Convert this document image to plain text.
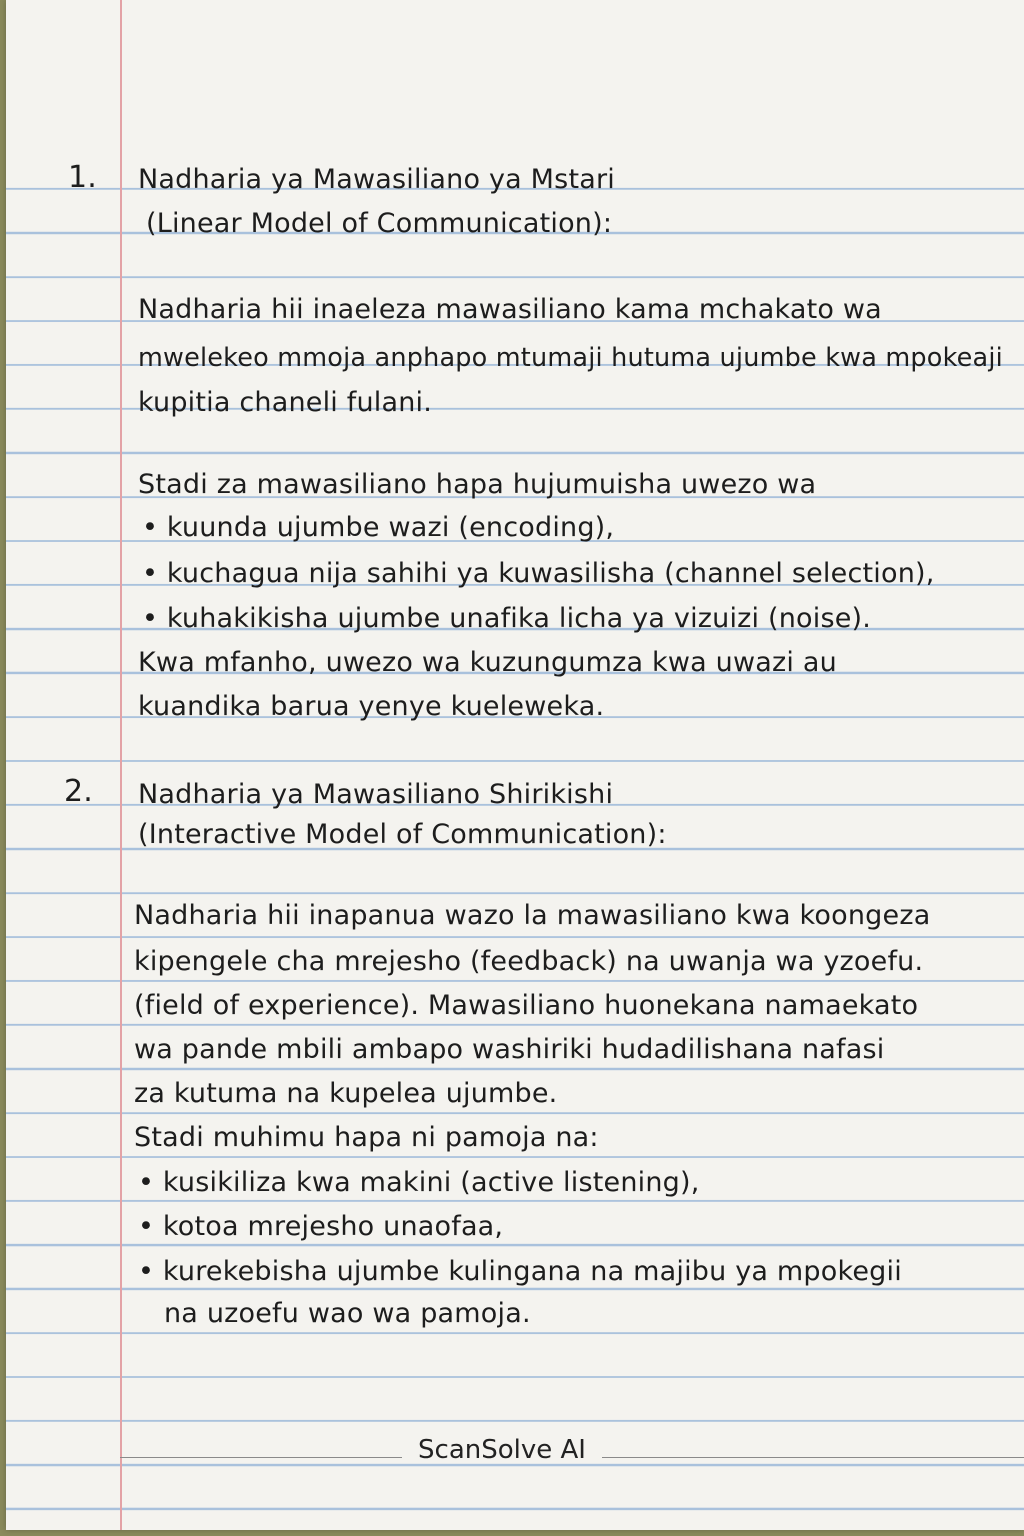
1. Nadharia ya Mawasiliano ya Mstari
(Linear Model of Communication):
Nadharia hii inaeleza mawasiliano kama mchakato wa
mwelekeo mmoja anphapo mtumaji hutuma ujumbe kwa mpokeaji
kupitia chaneli fulani.
Stadi za mawasiliano hapa hujumuisha uwezo wa
• kuunda ujumbe wazi (encoding),
• kuchagua nija sahihi ya kuwasilisha (channel selection),
• kuhakikisha ujumbe unafika licha ya vizuizi (noise).
Kwa mfanho, uwezo wa kuzungumza kwa uwazi au
kuandika barua yenye kueleweka.
2. Nadharia ya Mawasiliano Shirikishi
(Interactive Model of Communication):
Nadharia hii inapanua wazo la mawasiliano kwa koongeza
kipengele cha mrejesho (feedback) na uwanja wa yzoefu.
(field of experience). Mawasiliano huonekana namaekato
wa pande mbili ambapo washiriki hudadilishana nafasi
za kutuma na kupelea ujumbe.
Stadi muhimu hapa ni pamoja na:
• kusikiliza kwa makini (active listening),
• kotoa mrejesho unaofaa,
• kurekebisha ujumbe kulingana na majibu ya mpokegii
na uzoefu wao wa pamoja.
ScanSolve AI
